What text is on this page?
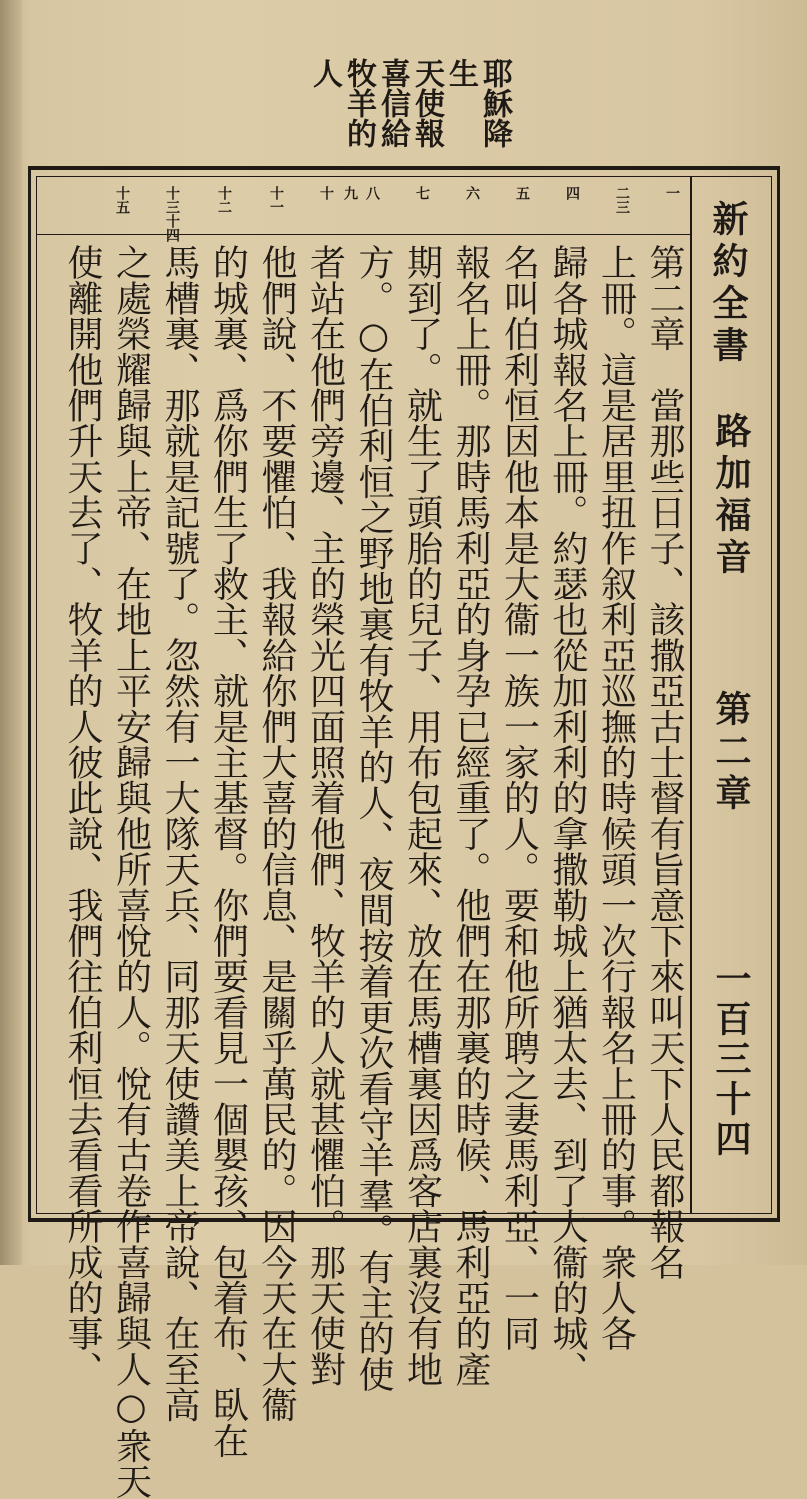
耶穌降
生
天使報
喜信給
牧羊的
人
一
二三
四
五
六
七
八
九
十
十一
十二
十三十四
十五
第二章　當那些日子、該撒亞古士督有旨意下來叫天下人民都報名
上冊。這是居里扭作叙利亞巡撫的時候頭一次行報名上冊的事。衆人各
歸各城報名上冊。約瑟也從加利利的拿撒勒城上猶太去、到了大衞的城、
名叫伯利恒因他本是大衞一族一家的人。要和他所聘之妻馬利亞、一同
報名上冊。那時馬利亞的身孕已經重了。他們在那裏的時候、馬利亞的產
期到了。就生了頭胎的兒子、用布包起來、放在馬槽裏因爲客店裏沒有地
方。○在伯利恒之野地裏有牧羊的人、夜間按着更次看守羊羣。有主的使
者站在他們旁邊、主的榮光四面照着他們、牧羊的人就甚懼怕。那天使對
他們說、不要懼怕、我報給你們大喜的信息、是關乎萬民的。因今天在大衞
的城裏、爲你們生了救主、就是主基督。你們要看見一個嬰孩、包着布、臥在
馬槽裏、那就是記號了。忽然有一大隊天兵、同那天使讚美上帝說、在至高
之處榮耀歸與上帝、在地上平安歸與他所喜悅的人。悅有古卷作喜歸與人○衆天
使離開他們升天去了、牧羊的人彼此說、我們往伯利恒去看看所成的事、	新約全書
路加福音
第二章
一百三十四
